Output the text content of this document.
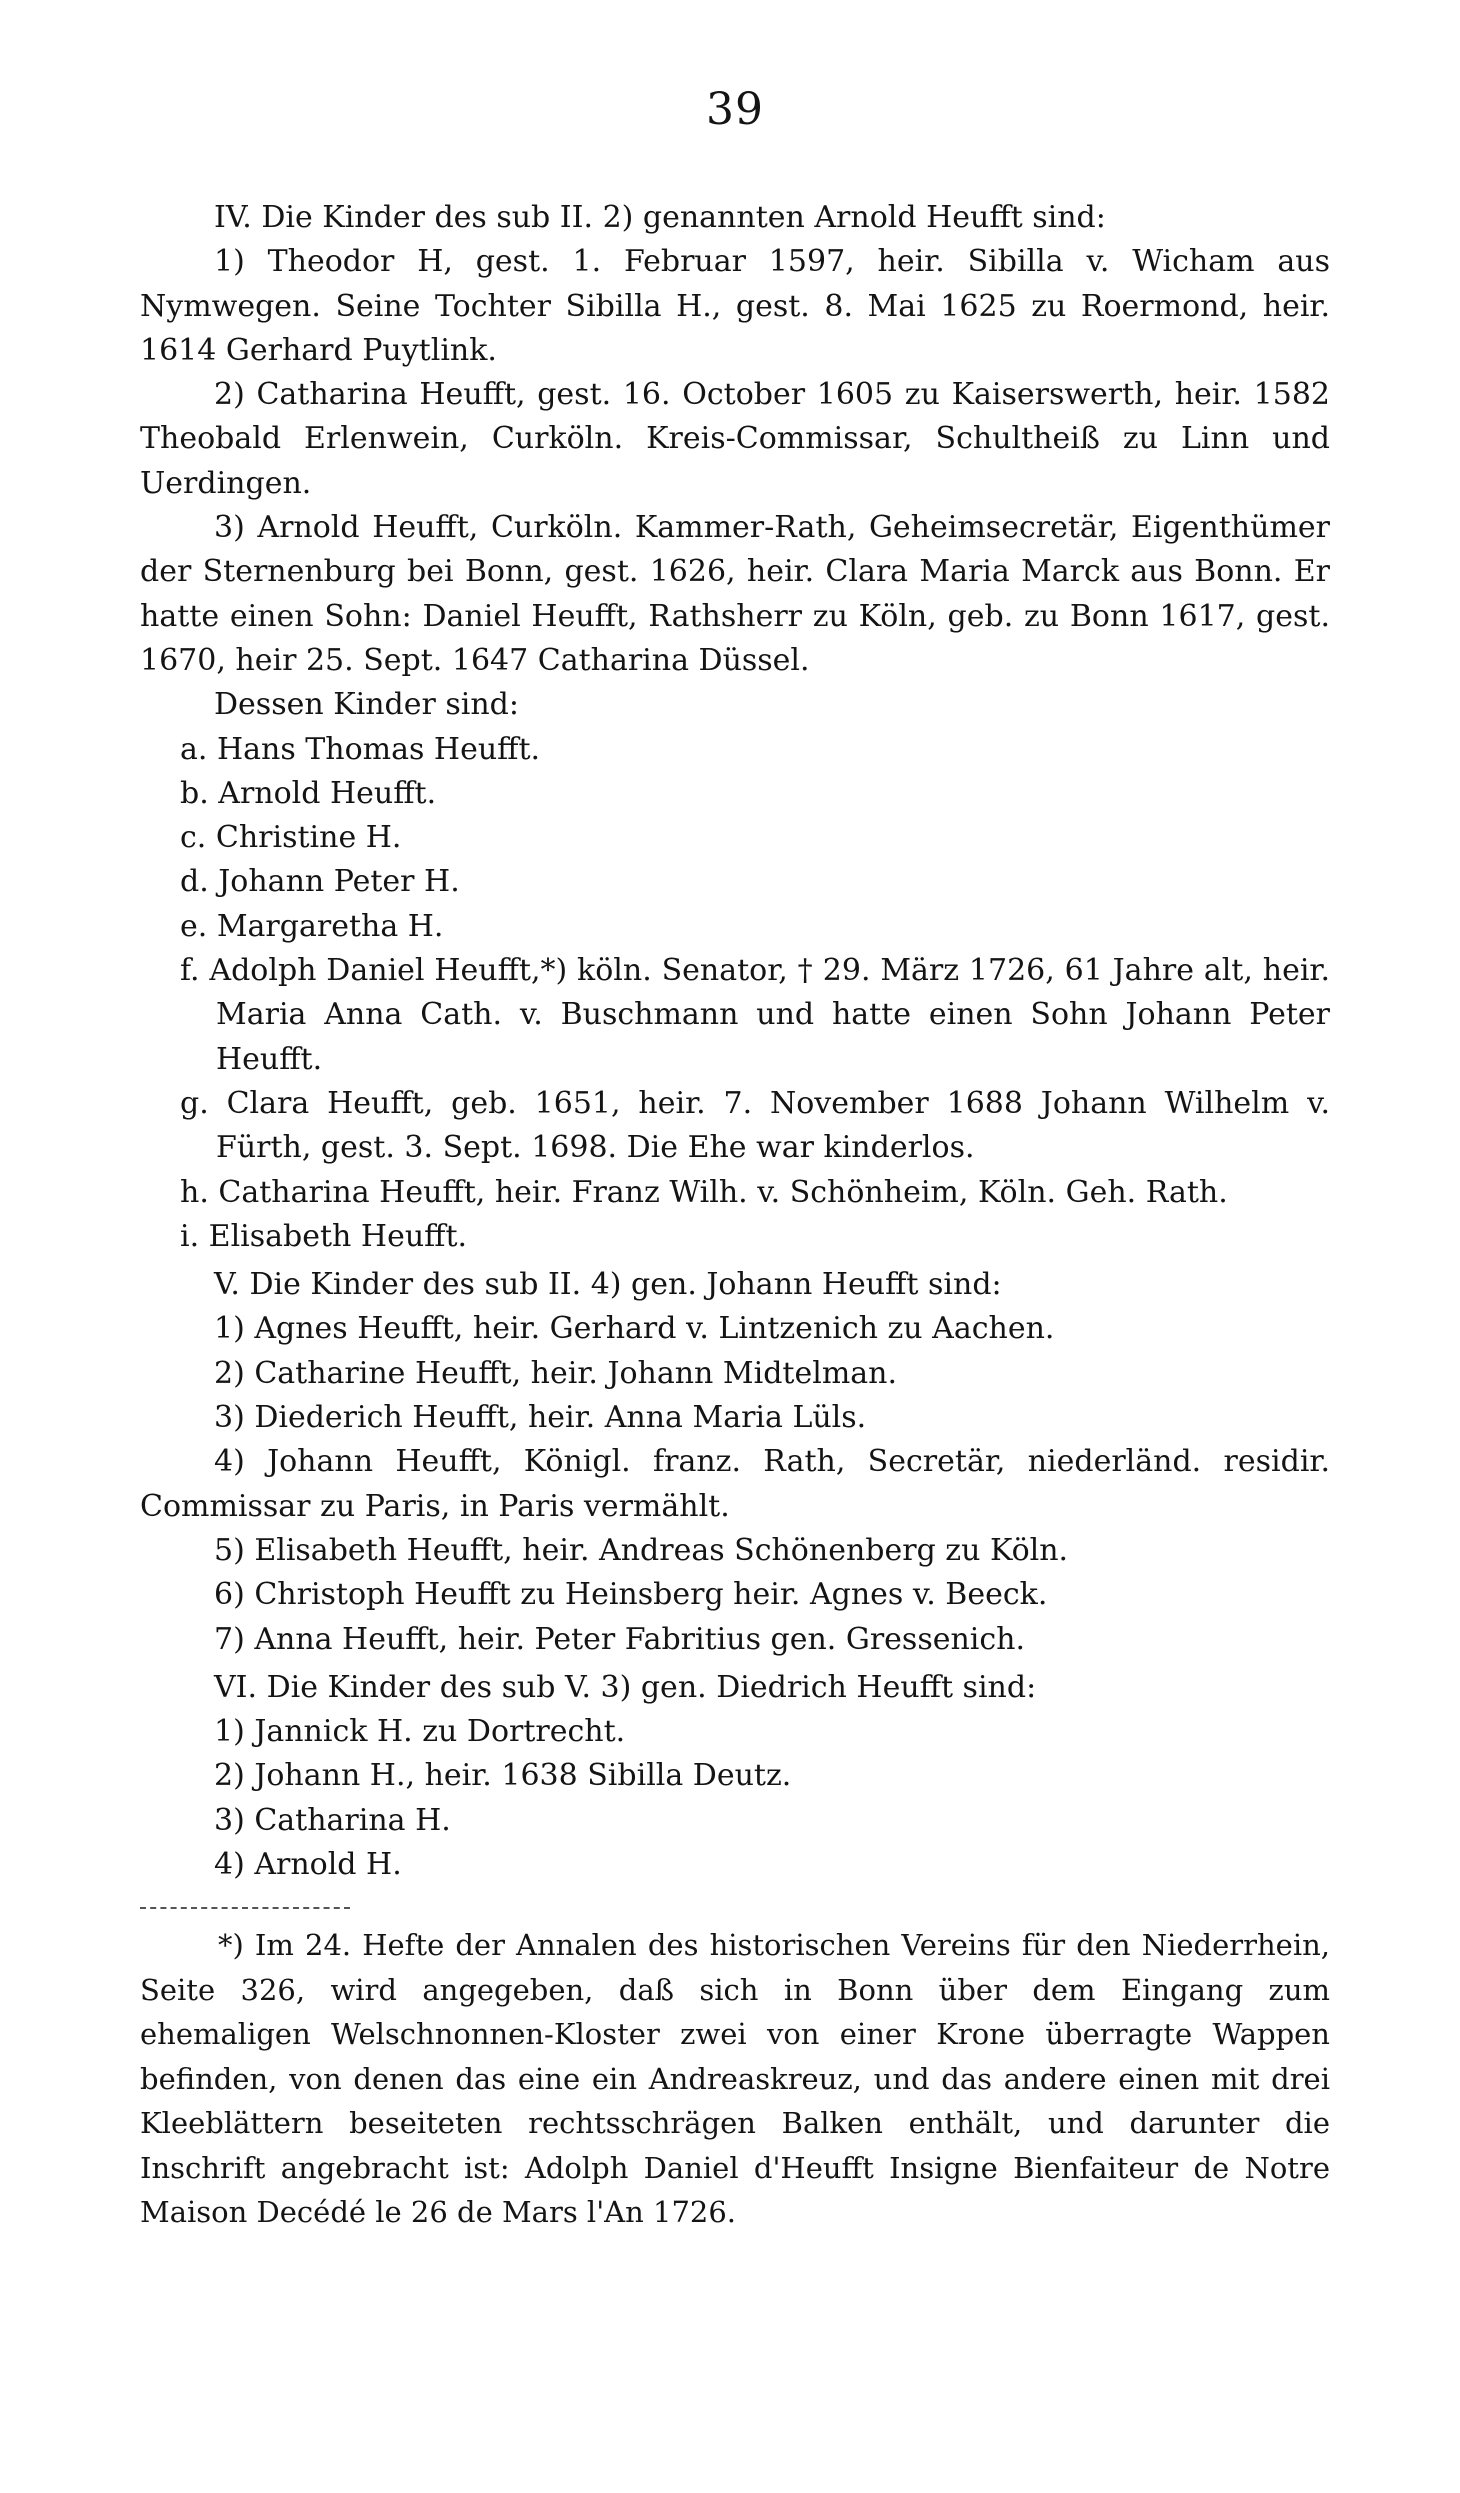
39

IV. Die Kinder des sub II. 2) genannten Arnold Heufft sind:

1) Theodor H, gest. 1. Februar 1597, heir. Sibilla v. Wicham aus Nymwegen. Seine Tochter Sibilla H., gest. 8. Mai 1625 zu Roermond, heir. 1614 Gerhard Puytlink.

2) Catharina Heufft, gest. 16. October 1605 zu Kaiserswerth, heir. 1582 Theobald Erlenwein, Curköln. Kreis-Commissar, Schultheiß zu Linn und Uerdingen.

3) Arnold Heufft, Curköln. Kammer-Rath, Geheimsecretär, Eigenthümer der Sternenburg bei Bonn, gest. 1626, heir. Clara Maria Marck aus Bonn. Er hatte einen Sohn: Daniel Heufft, Rathsherr zu Köln, geb. zu Bonn 1617, gest. 1670, heir 25. Sept. 1647 Catharina Düssel.

Dessen Kinder sind:

a. Hans Thomas Heufft.

b. Arnold Heufft.

c. Christine H.

d. Johann Peter H.

e. Margaretha H.

f. Adolph Daniel Heufft,*) köln. Senator, † 29. März 1726, 61 Jahre alt, heir. Maria Anna Cath. v. Buschmann und hatte einen Sohn Johann Peter Heufft.

g. Clara Heufft, geb. 1651, heir. 7. November 1688 Johann Wilhelm v. Fürth, gest. 3. Sept. 1698. Die Ehe war kinderlos.

h. Catharina Heufft, heir. Franz Wilh. v. Schönheim, Köln. Geh. Rath.

i. Elisabeth Heufft.

V. Die Kinder des sub II. 4) gen. Johann Heufft sind:

1) Agnes Heufft, heir. Gerhard v. Lintzenich zu Aachen.

2) Catharine Heufft, heir. Johann Midtelman.

3) Diederich Heufft, heir. Anna Maria Lüls.

4) Johann Heufft, Königl. franz. Rath, Secretär, niederländ. residir. Commissar zu Paris, in Paris vermählt.

5) Elisabeth Heufft, heir. Andreas Schönenberg zu Köln.

6) Christoph Heufft zu Heinsberg heir. Agnes v. Beeck.

7) Anna Heufft, heir. Peter Fabritius gen. Gressenich.

VI. Die Kinder des sub V. 3) gen. Diedrich Heufft sind:

1) Jannick H. zu Dortrecht.

2) Johann H., heir. 1638 Sibilla Deutz.

3) Catharina H.

4) Arnold H.

*) Im 24. Hefte der Annalen des historischen Vereins für den Niederrhein, Seite 326, wird angegeben, daß sich in Bonn über dem Eingang zum ehemaligen Welschnonnen-Kloster zwei von einer Krone überragte Wappen befinden, von denen das eine ein Andreaskreuz, und das andere einen mit drei Kleeblättern beseiteten rechtsschrägen Balken enthält, und darunter die Inschrift angebracht ist: Adolph Daniel d'Heufft Insigne Bienfaiteur de Notre Maison Decédé le 26 de Mars l'An 1726.
